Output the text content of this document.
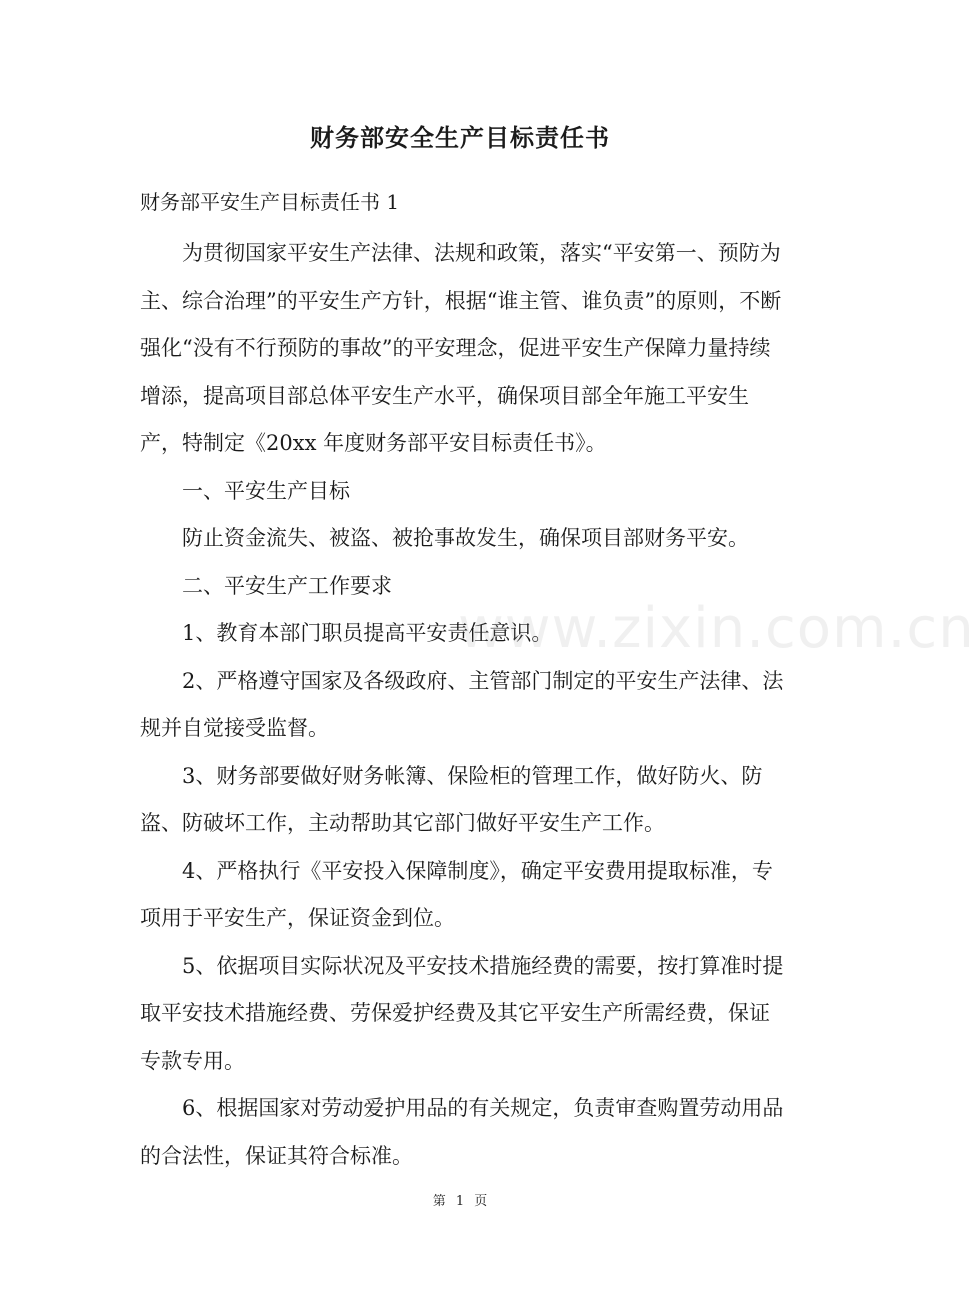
财务部安全生产目标责任书
财务部平安生产目标责任书 1

为贯彻国家平安生产法律、法规和政策，落实“平安第一、预防为主、综合治理”的平安生产方针，根据“谁主管、谁负责”的原则，不断强化“没有不行预防的事故”的平安理念，促进平安生产保障力量持续增添，提高项目部总体平安生产水平，确保项目部全年施工平安生产，特制定《20xx 年度财务部平安目标责任书》。

一、平安生产目标

防止资金流失、被盗、被抢事故发生，确保项目部财务平安。

二、平安生产工作要求

1、教育本部门职员提高平安责任意识。

2、严格遵守国家及各级政府、主管部门制定的平安生产法律、法规并自觉接受监督。

3、财务部要做好财务帐簿、保险柜的管理工作，做好防火、防盗、防破坏工作，主动帮助其它部门做好平安生产工作。

4、严格执行《平安投入保障制度》，确定平安费用提取标准，专项用于平安生产，保证资金到位。

5、依据项目实际状况及平安技术措施经费的需要，按打算准时提取平安技术措施经费、劳保爱护经费及其它平安生产所需经费，保证专款专用。

6、根据国家对劳动爱护用品的有关规定，负责审查购置劳动用品的合法性，保证其符合标准。

www.zixin.com.cn
第 1 页
